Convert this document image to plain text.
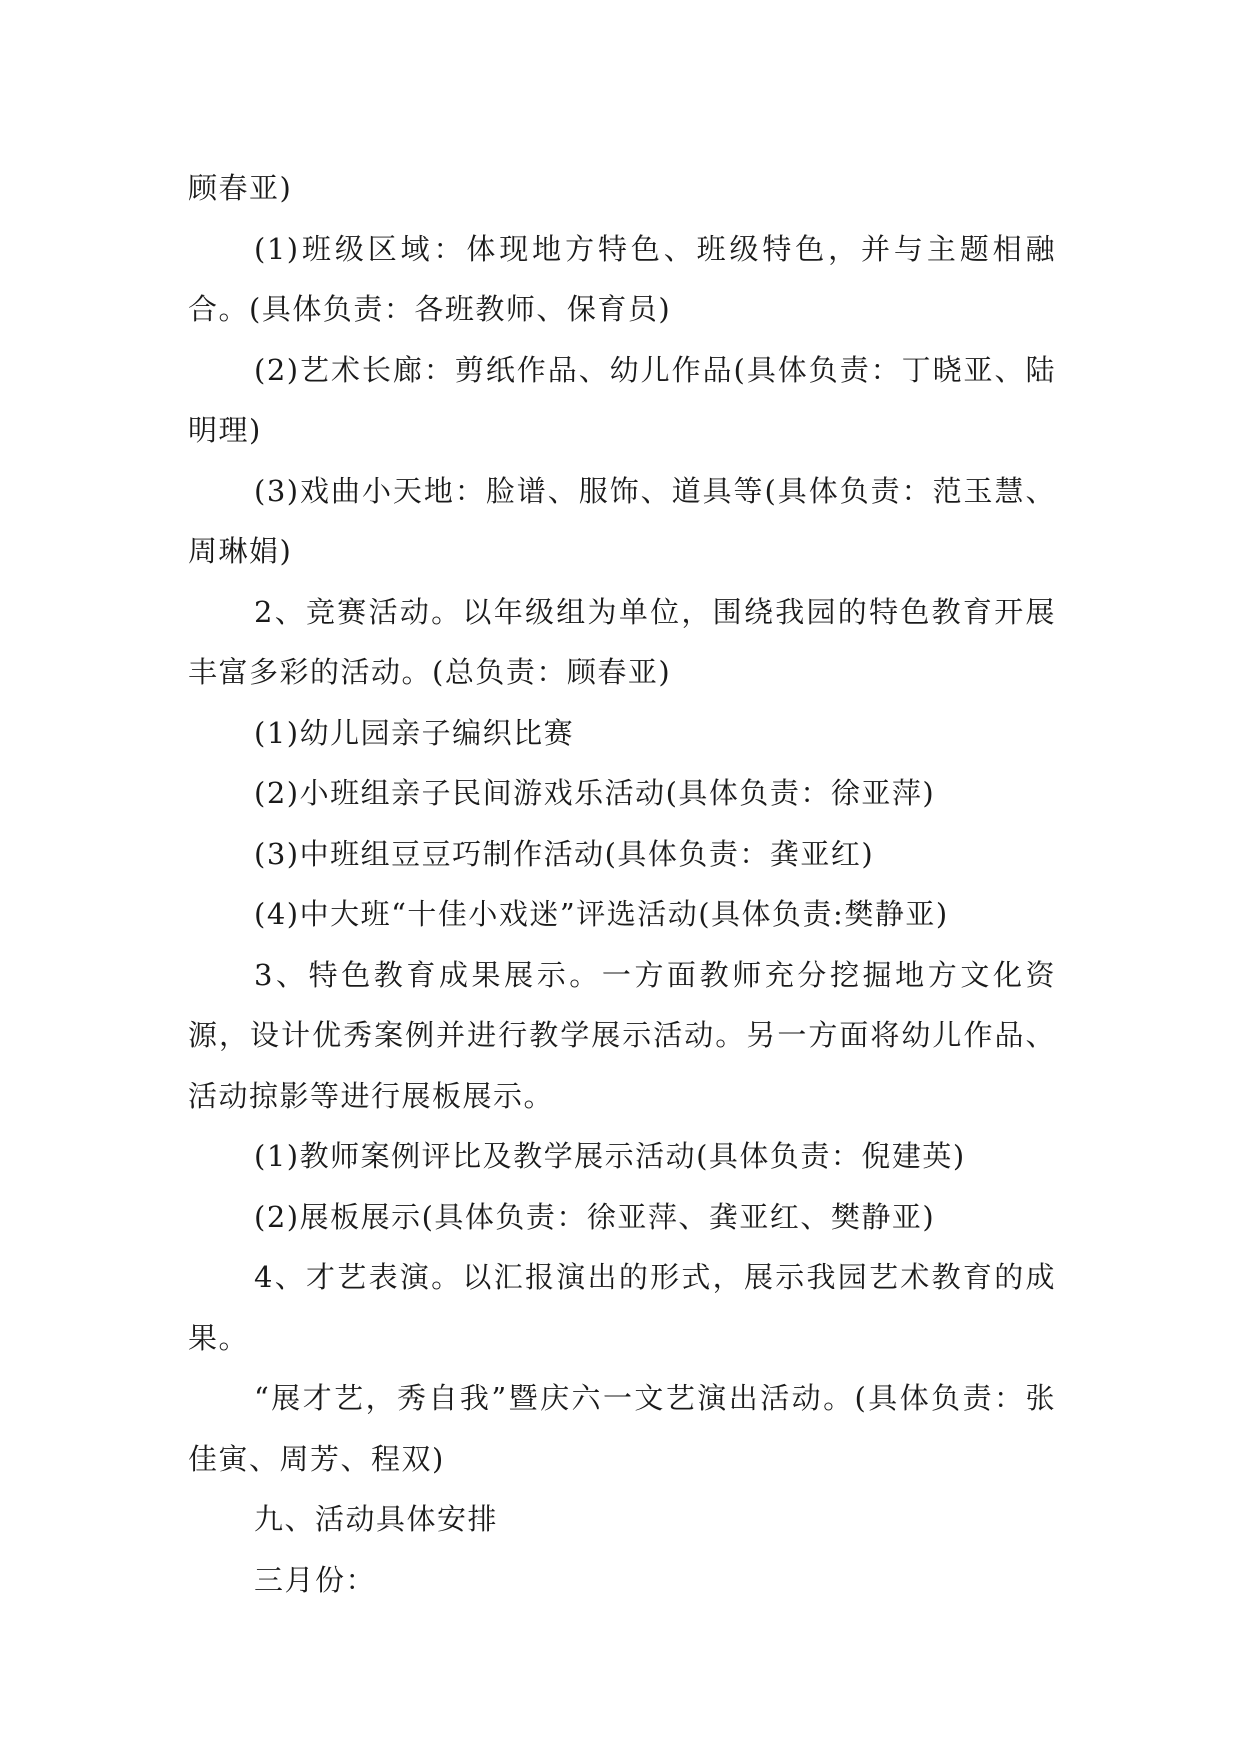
顾春亚)

(1)班级区域：体现地方特色、班级特色，并与主题相融合。(具体负责：各班教师、保育员)

(2)艺术长廊：剪纸作品、幼儿作品(具体负责：丁晓亚、陆明理)

(3)戏曲小天地：脸谱、服饰、道具等(具体负责：范玉慧、周琳娟)

2、竞赛活动。以年级组为单位，围绕我园的特色教育开展丰富多彩的活动。(总负责：顾春亚)

(1)幼儿园亲子编织比赛

(2)小班组亲子民间游戏乐活动(具体负责：徐亚萍)

(3)中班组豆豆巧制作活动(具体负责：龚亚红)

(4)中大班“十佳小戏迷”评选活动(具体负责:樊静亚)

3、特色教育成果展示。一方面教师充分挖掘地方文化资源，设计优秀案例并进行教学展示活动。另一方面将幼儿作品、活动掠影等进行展板展示。

(1)教师案例评比及教学展示活动(具体负责：倪建英)

(2)展板展示(具体负责：徐亚萍、龚亚红、樊静亚)

4、才艺表演。以汇报演出的形式，展示我园艺术教育的成果。

“展才艺，秀自我”暨庆六一文艺演出活动。(具体负责：张佳寅、周芳、程双)

九、活动具体安排

三月份：
